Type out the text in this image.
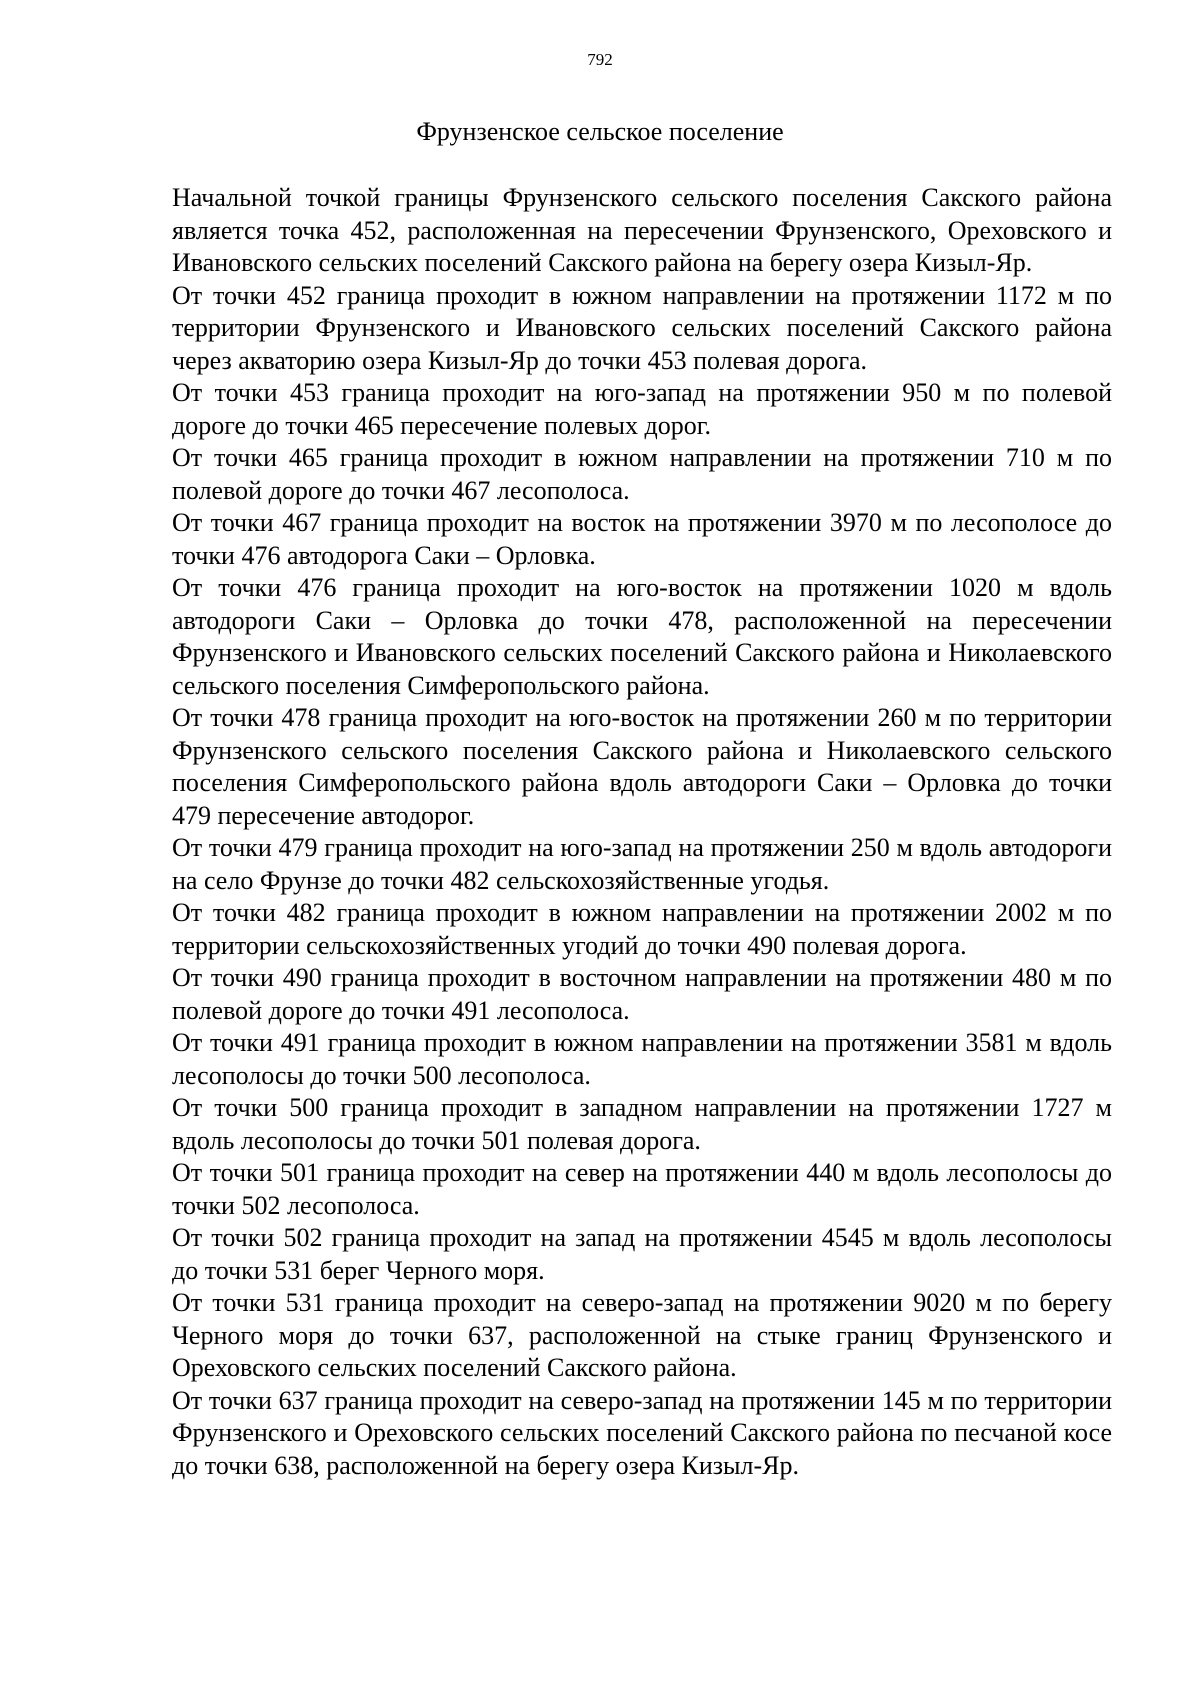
792
Фрунзенское сельское поселение

Начальной точкой границы Фрунзенского сельского поселения Сакского района является точка 452, расположенная на пересечении Фрунзенского, Ореховского и Ивановского сельских поселений Сакского района на берегу озера Кизыл-Яр.

От точки 452 граница проходит в южном направлении на протяжении 1172 м по территории Фрунзенского и Ивановского сельских поселений Сакского района через акваторию озера Кизыл-Яр до точки 453 полевая дорога.

От точки 453 граница проходит на юго-запад на протяжении 950 м по полевой дороге до точки 465 пересечение полевых дорог.

От точки 465 граница проходит в южном направлении на протяжении 710 м по полевой дороге до точки 467 лесополоса.

От точки 467 граница проходит на восток на протяжении 3970 м по лесополосе до точки 476 автодорога Саки – Орловка.

От точки 476 граница проходит на юго-восток на протяжении 1020 м вдоль автодороги Саки – Орловка до точки 478, расположенной на пересечении Фрунзенского и Ивановского сельских поселений Сакского района и Николаевского сельского поселения Симферопольского района.

От точки 478 граница проходит на юго-восток на протяжении 260 м по территории Фрунзенского сельского поселения Сакского района и Николаевского сельского поселения Симферопольского района вдоль автодороги Саки – Орловка до точки 479 пересечение автодорог.

От точки 479 граница проходит на юго-запад на протяжении 250 м вдоль автодороги на село Фрунзе до точки 482 сельскохозяйственные угодья.

От точки 482 граница проходит в южном направлении на протяжении 2002 м по территории сельскохозяйственных угодий до точки 490 полевая дорога.

От точки 490 граница проходит в восточном направлении на протяжении 480 м по полевой дороге до точки 491 лесополоса.

От точки 491 граница проходит в южном направлении на протяжении 3581 м вдоль лесополосы до точки 500 лесополоса.

От точки 500 граница проходит в западном направлении на протяжении 1727 м вдоль лесополосы до точки 501 полевая дорога.

От точки 501 граница проходит на север на протяжении 440 м вдоль лесополосы до точки 502 лесополоса.

От точки 502 граница проходит на запад на протяжении 4545 м вдоль лесополосы до точки 531 берег Черного моря.

От точки 531 граница проходит на северо-запад на протяжении 9020 м по берегу Черного моря до точки 637, расположенной на стыке границ Фрунзенского и Ореховского сельских поселений Сакского района.

От точки 637 граница проходит на северо-запад на протяжении 145 м по территории Фрунзенского и Ореховского сельских поселений Сакского района по песчаной косе до точки 638, расположенной на берегу озера Кизыл-Яр.
